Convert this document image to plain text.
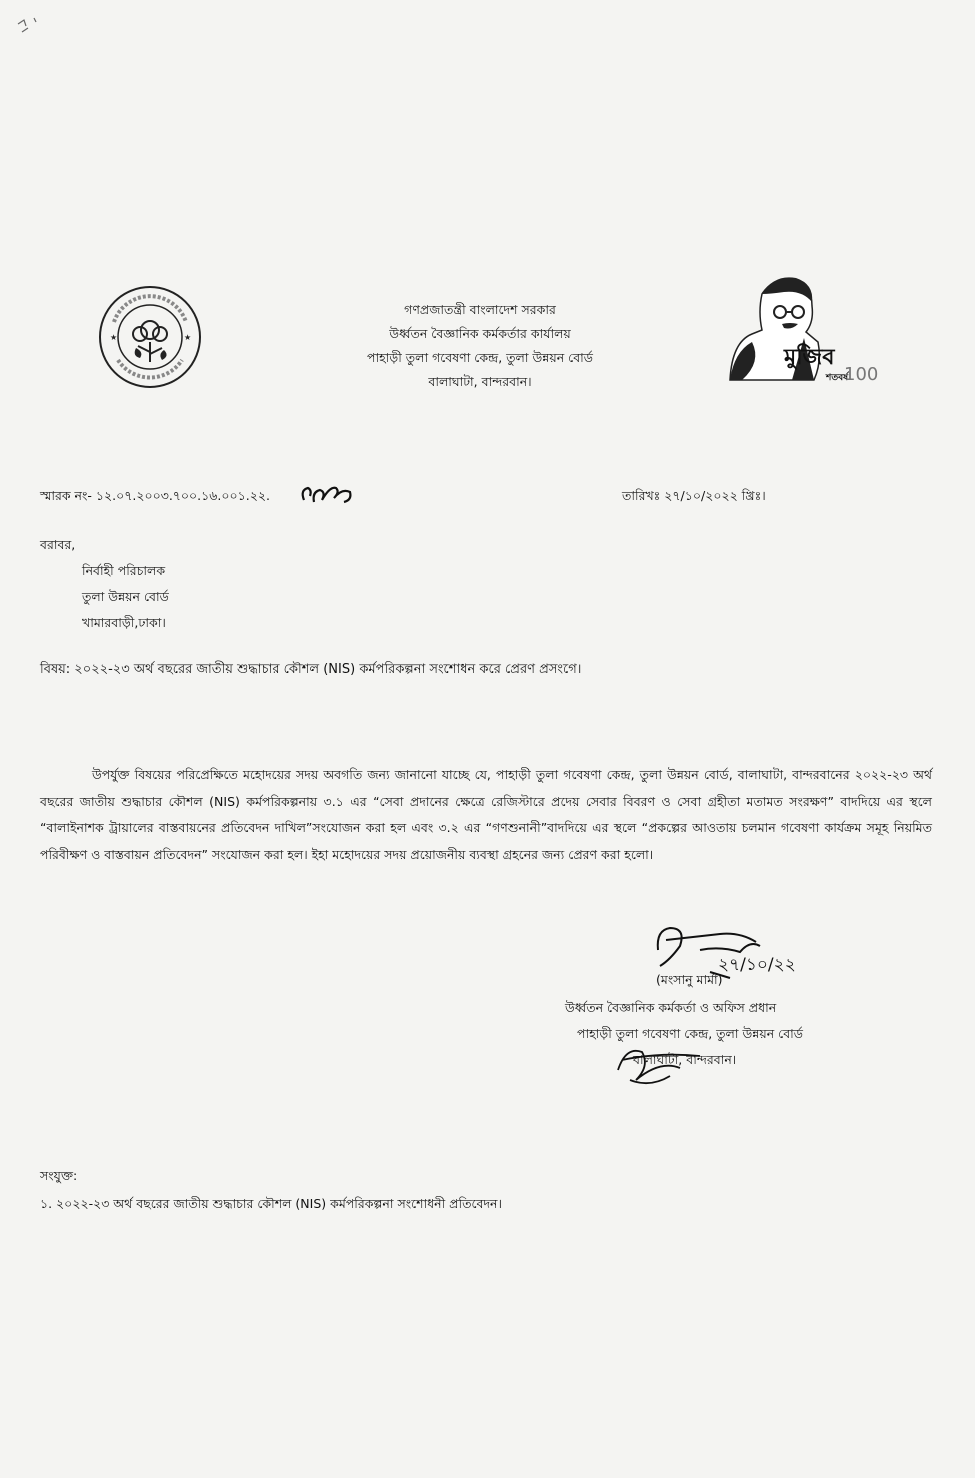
★	★
গণপ্রজাতন্ত্রী বাংলাদেশ সরকার
উর্ধ্বতন বৈজ্ঞানিক কর্মকর্তার কার্যালয়
পাহাড়ী তুলা গবেষণা কেন্দ্র, তুলা উন্নয়ন বোর্ড
বালাঘাটা, বান্দরবান।
মুজিব
শতবর্ষ
100
স্মারক নং- ১২.০৭.২০০৩.৭০০.১৬.০০১.২২.	তারিখঃ ২৭/১০/২০২২ খ্রিঃ।
বরাবর,
নির্বাহী পরিচালক
তুলা উন্নয়ন বোর্ড
খামারবাড়ী,ঢাকা।
বিষয়: ২০২২-২৩ অর্থ বছরের জাতীয় শুদ্ধাচার কৌশল (NIS) কর্মপরিকল্পনা সংশোধন করে প্রেরণ প্রসংগে।
উপর্যুক্ত বিষয়ের পরিপ্রেক্ষিতে মহোদয়ের সদয় অবগতি জন্য জানানো যাচ্ছে যে, পাহাড়ী তুলা গবেষণা কেন্দ্র, তুলা উন্নয়ন বোর্ড, বালাঘাটা, বান্দরবানের ২০২২-২৩ অর্থ বছরের জাতীয় শুদ্ধাচার কৌশল (NIS) কর্মপরিকল্পনায় ৩.১ এর “সেবা প্রদানের ক্ষেত্রে রেজিস্টারে প্রদেয় সেবার বিবরণ ও সেবা গ্রহীতা মতামত সংরক্ষণ” বাদদিয়ে এর স্থলে “বালাইনাশক ট্রায়ালের বাস্তবায়নের প্রতিবেদন দাখিল”সংযোজন করা হল এবং ৩.২ এর “গণশুনানী”বাদদিয়ে এর স্থলে “প্রকল্পের আওতায় চলমান গবেষণা কার্যক্রম সমূহ নিয়মিত পরিবীক্ষণ ও বাস্তবায়ন প্রতিবেদন” সংযোজন করা হল। ইহা মহোদয়ের সদয় প্রয়োজনীয় ব্যবস্থা গ্রহনের জন্য প্রেরণ করা হলো।
২৭/১০/২২
(মংসানু মার্মা)
উর্ধ্বতন বৈজ্ঞানিক কর্মকর্তা ও অফিস প্রধান
পাহাড়ী তুলা গবেষণা কেন্দ্র, তুলা উন্নয়ন বোর্ড
বালাঘাটা, বান্দরবান।
সংযুক্ত:
১. ২০২২-২৩ অর্থ বছরের জাতীয় শুদ্ধাচার কৌশল (NIS) কর্মপরিকল্পনা সংশোধনী প্রতিবেদন।
